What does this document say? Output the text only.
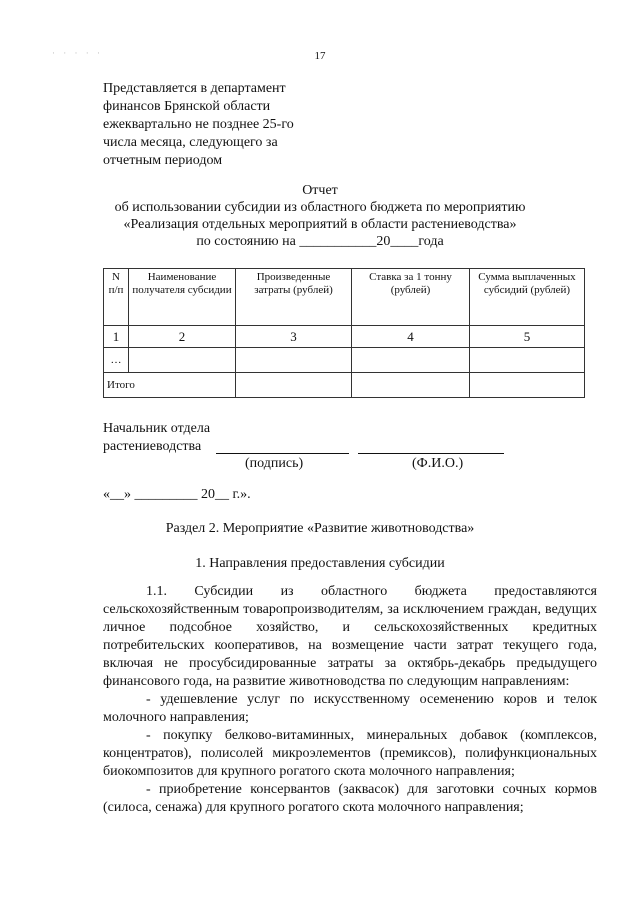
· · · · ·	17
Представляется в департамент
финансов Брянской области
ежеквартально не позднее 25-го
числа месяца, следующего за
отчетным периодом
Отчет
об использовании субсидии из областного бюджета по мероприятию
«Реализация отдельных мероприятий в области растениеводства»
по состоянию на ___________20____года
N п/п	Наименование получателя субсидии	Произведенные затраты (рублей)	Ставка за 1 тонну (рублей)	Сумма выплаченных субсидий (рублей)
1	2	3	4	5
…				
Итого				
Начальник отдела
растениеводства
(подпись)	(Ф.И.О.)
«__» _________ 20__ г.».
Раздел 2. Мероприятие «Развитие животноводства»
1. Направления предоставления субсидии

1.1. Субсидии из областного бюджета предоставляются сельскохозяйственным товаропроизводителям, за исключением граждан, ведущих личное подсобное хозяйство, и сельскохозяйственных кредитных потребительских кооперативов, на возмещение части затрат текущего года, включая не просубсидированные затраты за октябрь-декабрь предыдущего финансового года, на развитие животноводства по следующим направлениям:

- удешевление услуг по искусственному осеменению коров и телок молочного направления;

- покупку белково-витаминных, минеральных добавок (комплексов, концентратов), полисолей микроэлементов (премиксов), полифункциональных биокомпозитов для крупного рогатого скота молочного направления;

- приобретение консервантов (заквасок) для заготовки сочных кормов (силоса, сенажа) для крупного рогатого скота молочного направления;
